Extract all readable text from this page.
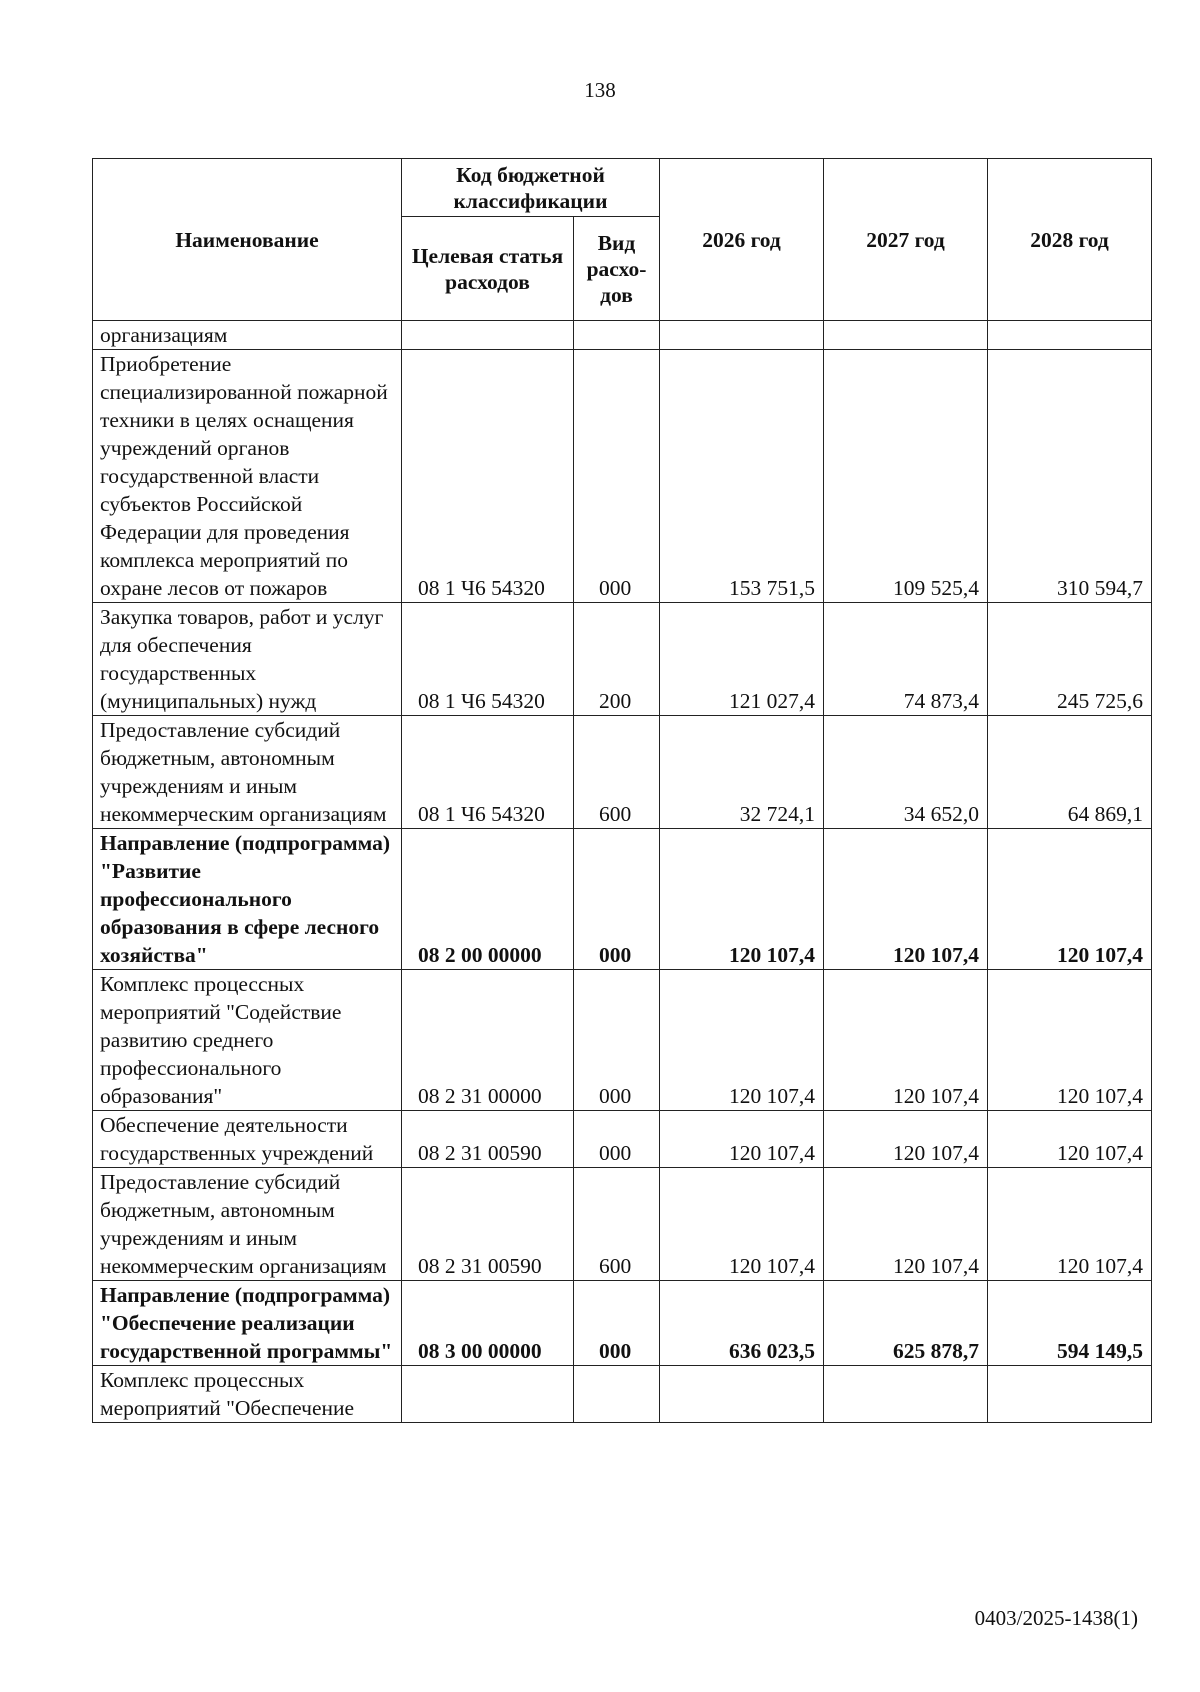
138
Наименование	Код бюджетной классификации		2026 год	2027 год	2028 год
	Целевая статья расходов	Вид расхо-дов			
организациям					
Приобретение специализированной пожарной техники в целях оснащения учреждений органов государственной власти субъектов Российской Федерации для проведения комплекса мероприятий по охране лесов от пожаров	08 1 Ч6 54320	000	153 751,5	109 525,4	310 594,7
Закупка товаров, работ и услуг для обеспечения государственных (муниципальных) нужд	08 1 Ч6 54320	200	121 027,4	74 873,4	245 725,6
Предоставление субсидий бюджетным, автономным учреждениям и иным некоммерческим организациям	08 1 Ч6 54320	600	32 724,1	34 652,0	64 869,1
Направление (подпрограмма) "Развитие профессионального образования в сфере лесного хозяйства"	08 2 00 00000	000	120 107,4	120 107,4	120 107,4
Комплекс процессных мероприятий "Содействие развитию среднего профессионального образования"	08 2 31 00000	000	120 107,4	120 107,4	120 107,4
Обеспечение деятельности государственных учреждений	08 2 31 00590	000	120 107,4	120 107,4	120 107,4
Предоставление субсидий бюджетным, автономным учреждениям и иным некоммерческим организациям	08 2 31 00590	600	120 107,4	120 107,4	120 107,4
Направление (подпрограмма) "Обеспечение реализации государственной программы"	08 3 00 00000	000	636 023,5	625 878,7	594 149,5
Комплекс процессных мероприятий "Обеспечение					
0403/2025-1438(1)
